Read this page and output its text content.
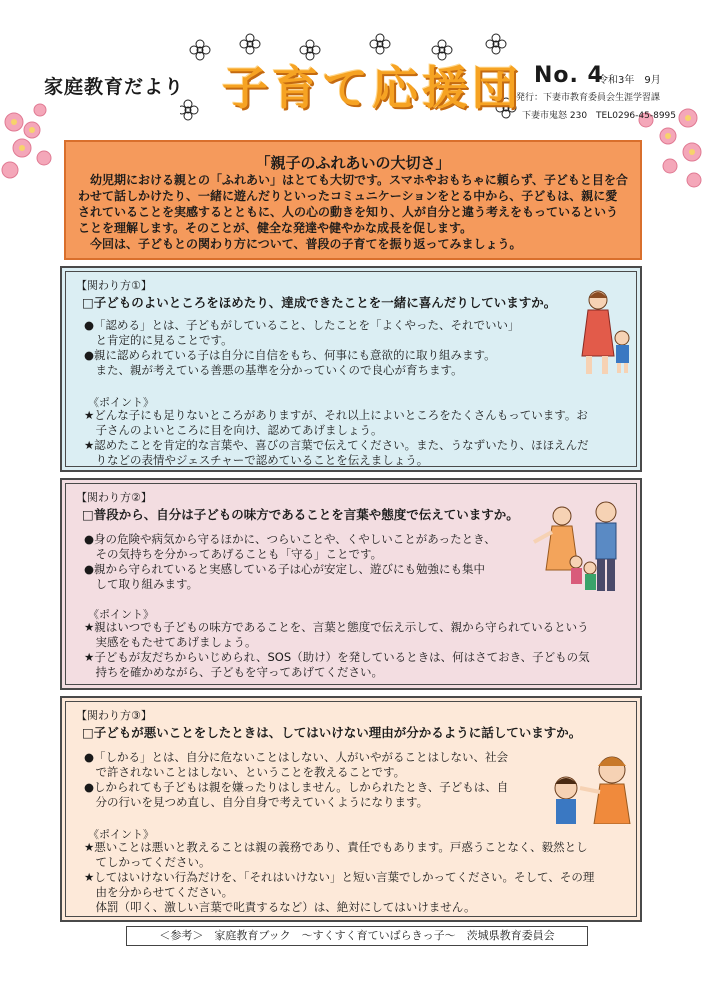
家庭教育だより 子育て応援団 No. 4
令和3年　9月
発行：下妻市教育委員会生涯学習課
下妻市鬼怒 230　TEL0296-45-8995
「親子のふれあいの大切さ」

　幼児期における親との「ふれあい」はとても大切です。スマホやおもちゃに頼らず、子どもと目を合わせて話しかけたり、一緒に遊んだりといったコミュニケーションをとる中から、子どもは、親に愛されていることを実感するとともに、人の心の動きを知り、人が自分と違う考えをもっているということを理解します。そのことが、健全な発達や健やかな成長を促します。

　今回は、子どもとの関わり方について、普段の子育てを振り返ってみましょう。

【関わり方①】
□子どものよいところをほめたり、達成できたことを一緒に喜んだりしていますか。

●「認める」とは、子どもがしていること、したことを「よくやった、それでいい」

　と肯定的に見ることです。

●親に認められている子は自分に自信をもち、何事にも意欲的に取り組みます。

　また、親が考えている善悪の基準を分かっていくので良心が育ちます。

《ポイント》

★どんな子にも足りないところがありますが、それ以上によいところをたくさんもっています。お

　子さんのよいところに目を向け、認めてあげましょう。

★認めたことを肯定的な言葉や、喜びの言葉で伝えてください。また、うなずいたり、ほほえんだ

　りなどの表情やジェスチャーで認めていることを伝えましょう。

【関わり方②】
□普段から、自分は子どもの味方であることを言葉や態度で伝えていますか。

●身の危険や病気から守るほかに、つらいことや、くやしいことがあったとき、

　その気持ちを分かってあげることも「守る」ことです。

●親から守られていると実感している子は心が安定し、遊びにも勉強にも集中

　して取り組みます。

《ポイント》

★親はいつでも子どもの味方であることを、言葉と態度で伝え示して、親から守られているという

　実感をもたせてあげましょう。

★子どもが友だちからいじめられ、SOS（助け）を発しているときは、何はさておき、子どもの気

　持ちを確かめながら、子どもを守ってあげてください。

【関わり方③】
□子どもが悪いことをしたときは、してはいけない理由が分かるように話していますか。

●「しかる」とは、自分に危ないことはしない、人がいやがることはしない、社会

　で許されないことはしない、ということを教えることです。

●しかられても子どもは親を嫌ったりはしません。しかられたとき、子どもは、自

　分の行いを見つめ直し、自分自身で考えていくようになります。

《ポイント》

★悪いことは悪いと教えることは親の義務であり、責任でもあります。戸惑うことなく、毅然とし

　てしかってください。

★してはいけない行為だけを、「それはいけない」と短い言葉でしかってください。そして、その理

　由を分からせてください。

　体罰（叩く、激しい言葉で叱責するなど）は、絶対にしてはいけません。

＜参考＞　家庭教育ブック　～すくすく育ていばらきっ子～　茨城県教育委員会
